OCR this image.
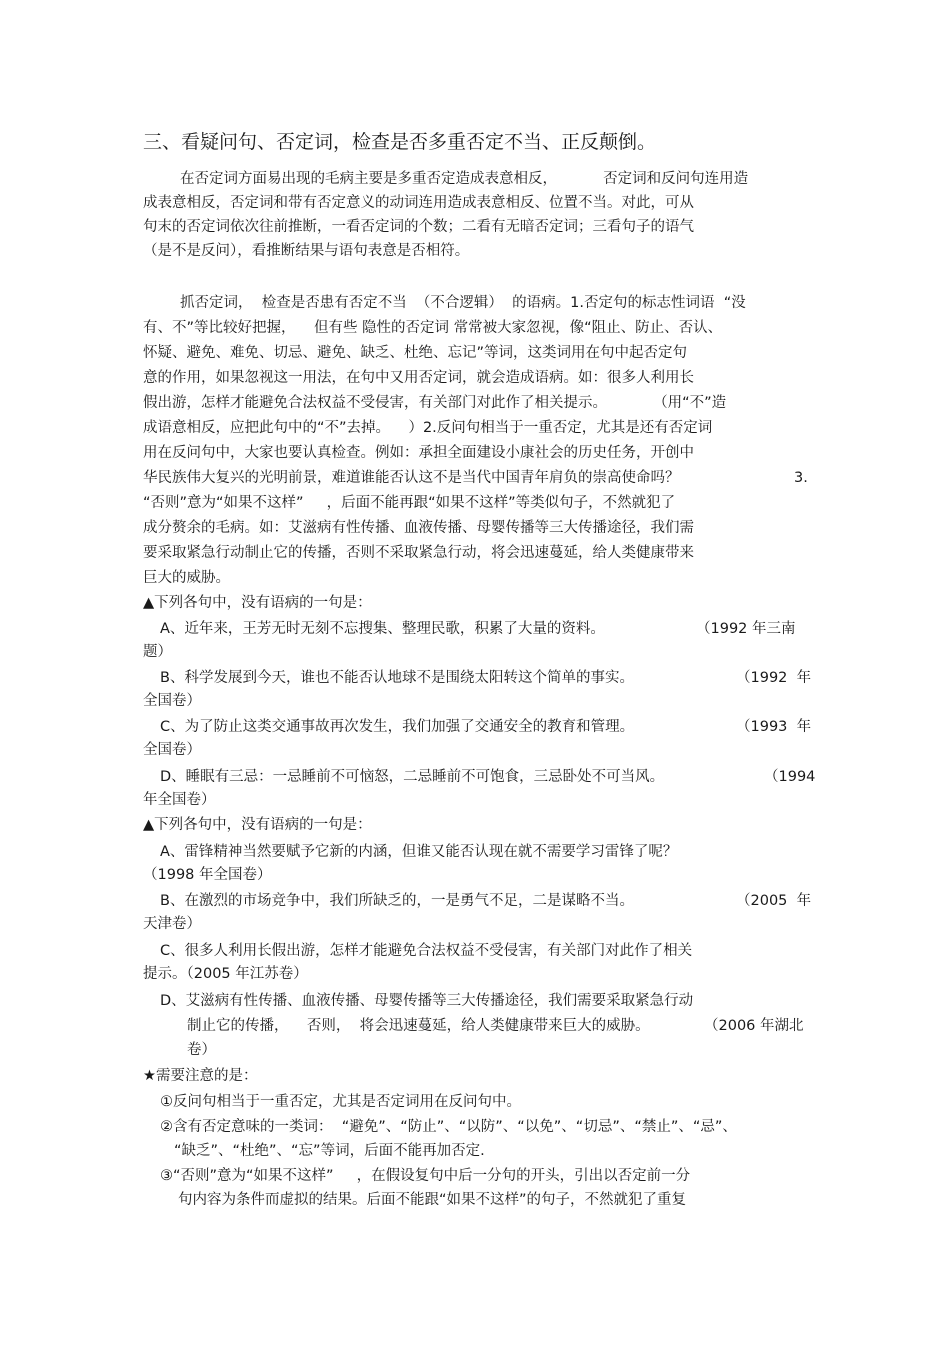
三、看疑问句、否定词，检查是否多重否定不当、正反颠倒。
在否定词方面易出现的毛病主要是多重否定造成表意相反，          否定词和反问句连用造
成表意相反，否定词和带有否定意义的动词连用造成表意相反、位置不当。对此，可从
句末的否定词依次往前推断，一看否定词的个数；二看有无暗否定词；三看句子的语气
（是不是反问），看推断结果与语句表意是否相符。
抓否定词，  检查是否患有否定不当  （不合逻辑）  的语病。1.否定句的标志性词语  “没
有、不”等比较好把握，    但有些 隐性的否定词 常常被大家忽视，像“阻止、防止、否认、
怀疑、避免、难免、切忌、避免、缺乏、杜绝、忘记”等词，这类词用在句中起否定句
意的作用，如果忽视这一用法，在句中又用否定词，就会造成语病。如：很多人利用长
假出游，怎样才能避免合法权益不受侵害，有关部门对此作了相关提示。          （用“不”造
成语意相反，应把此句中的“不”去掉。    ）2.反问句相当于一重否定，尤其是还有否定词
用在反问句中，大家也要认真检查。例如：承担全面建设小康社会的历史任务，开创中
华民族伟大复兴的光明前景，难道谁能否认这不是当代中国青年肩负的崇高使命吗？	3.
“否则”意为“如果不这样”     ，后面不能再跟“如果不这样”等类似句子，不然就犯了
成分赘余的毛病。如：艾滋病有性传播、血液传播、母婴传播等三大传播途径，我们需
要采取紧急行动制止它的传播，否则不采取紧急行动，将会迅速蔓延，给人类健康带来
巨大的威胁。
▲下列各句中，没有语病的一句是：
A、近年来，王芳无时无刻不忘搜集、整理民歌，积累了大量的资料。	（1992 年三南
题）
B、科学发展到今天，谁也不能否认地球不是围绕太阳转这个简单的事实。	（1992  年
全国卷）
C、为了防止这类交通事故再次发生，我们加强了交通安全的教育和管理。	（1993  年
全国卷）
D、睡眠有三忌：一忌睡前不可恼怒，二忌睡前不可饱食，三忌卧处不可当风。	（1994
年全国卷）
▲下列各句中，没有语病的一句是：
A、雷锋精神当然要赋予它新的内涵，但谁又能否认现在就不需要学习雷锋了呢？
（1998 年全国卷）
B、在激烈的市场竞争中，我们所缺乏的，一是勇气不足，二是谋略不当。	（2005  年
天津卷）
C、很多人利用长假出游，怎样才能避免合法权益不受侵害，有关部门对此作了相关
提示。（2005 年江苏卷）
D、艾滋病有性传播、血液传播、母婴传播等三大传播途径，我们需要采取紧急行动
制止它的传播，    否则，  将会迅速蔓延，给人类健康带来巨大的威胁。	（2006 年湖北
卷）
★需要注意的是：
①反问句相当于一重否定，尤其是否定词用在反问句中。
②含有否定意味的一类词：  “避免”、“防止”、“以防”、“以免”、“切忌”、“禁止”、“忌”、
“缺乏”、“杜绝”、“忘”等词，后面不能再加否定.
③“否则”意为“如果不这样”     ，在假设复句中后一分句的开头，引出以否定前一分
句内容为条件而虚拟的结果。后面不能跟“如果不这样”的句子，不然就犯了重复
